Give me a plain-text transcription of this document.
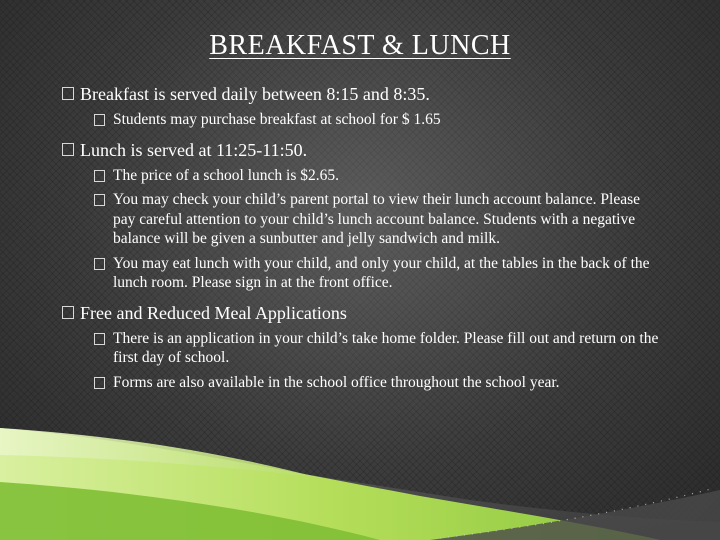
BREAKFAST & LUNCH
Breakfast is served daily between 8:15 and 8:35.
Students may purchase breakfast at school for $ 1.65
Lunch is served at 11:25-11:50.
The price of a school lunch is $2.65.
You may check your child’s parent portal to view their lunch account balance. Please pay careful attention to your child’s lunch account balance. Students with a negative balance will be given a sunbutter and jelly sandwich and milk.
You may eat lunch with your child, and only your child, at the tables in the back of the lunch room. Please sign in at the front office.
Free and Reduced Meal Applications
There is an application in your child’s take home folder. Please fill out and return on the first day of school.
Forms are also available in the school office throughout the school year.
